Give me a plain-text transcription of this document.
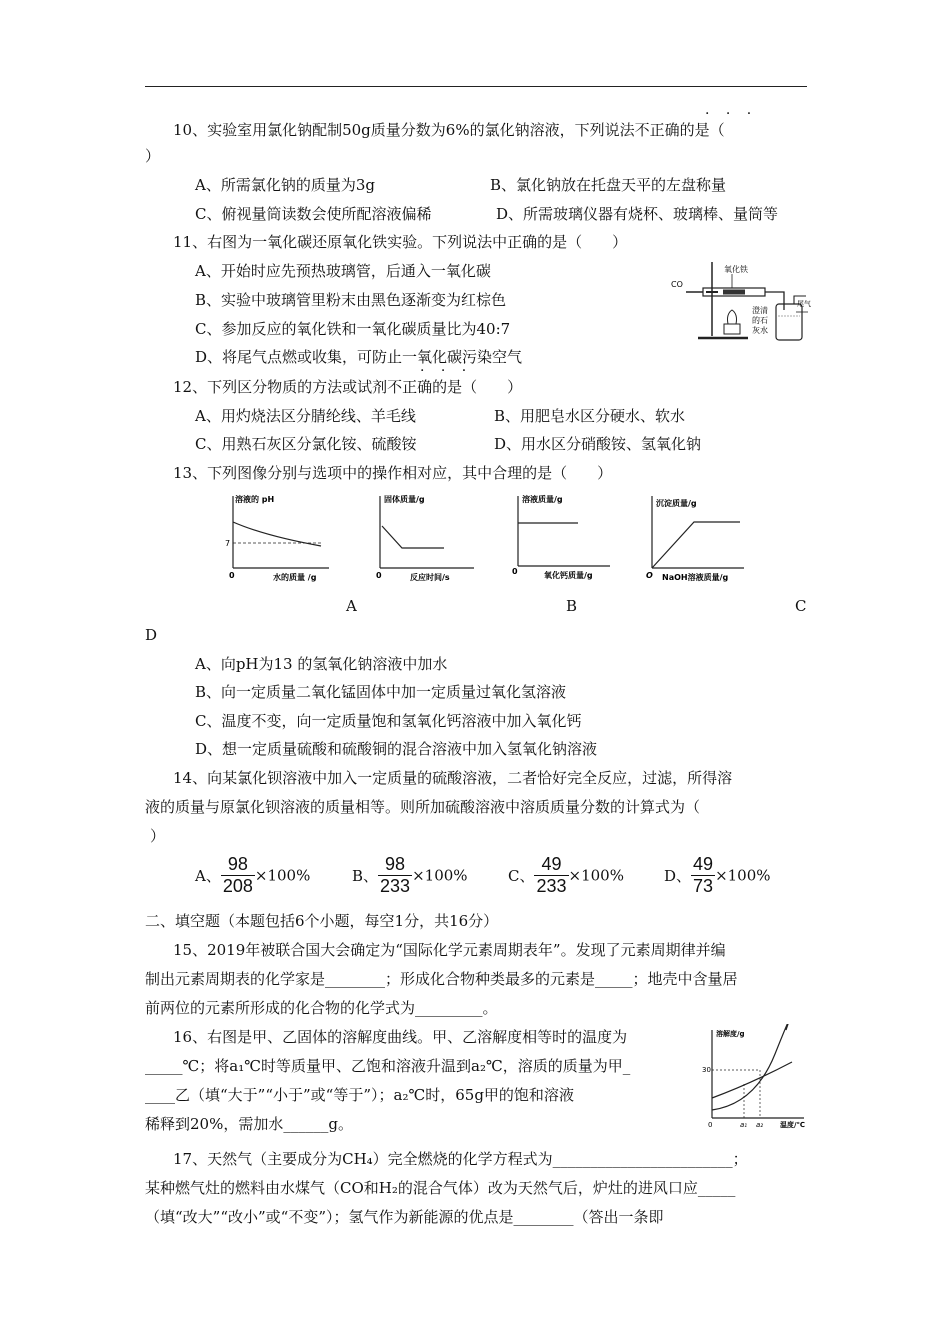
· · ·
10、实验室用氯化钠配制50g质量分数为6%的氯化钠溶液，下列说法不正确的是（
）
A、所需氯化钠的质量为3g	B、氯化钠放在托盘天平的左盘称量
C、俯视量筒读数会使所配溶液偏稀	D、所需玻璃仪器有烧杯、玻璃棒、量筒等
11、右图为一氧化碳还原氧化铁实验。下列说法中正确的是（　　）
A、开始时应先预热玻璃管，后通入一氧化碳
B、实验中玻璃管里粉末由黑色逐渐变为红棕色
C、参加反应的氧化铁和一氧化碳质量比为40:7
D、将尾气点燃或收集，可防止一氧化碳污染空气
CO
氧化铁
澄清
的石
灰水
尾气
· · ·
12、下列区分物质的方法或试剂不正确的是（　　）
A、用灼烧法区分腈纶线、羊毛线	B、用肥皂水区分硬水、软水
C、用熟石灰区分氯化铵、硫酸铵	D、用水区分硝酸铵、氢氧化钠
13、下列图像分别与选项中的操作相对应，其中合理的是（　　）
溶液的 pH
7
0	水的质量 /g
固体质量/g
0	反应时间/s
溶液质量/g
0	氧化钙质量/g
沉淀质量/g
O NaOH溶液质量/g
A	B	C
D
A、向pH为13 的氢氧化钠溶液中加水
B、向一定质量二氧化锰固体中加一定质量过氧化氢溶液
C、温度不变，向一定质量饱和氢氧化钙溶液中加入氧化钙
D、想一定质量硫酸和硫酸铜的混合溶液中加入氢氧化钠溶液
14、向某氯化钡溶液中加入一定质量的硫酸溶液，二者恰好完全反应，过滤，所得溶
液的质量与原氯化钡溶液的质量相等。则所加硫酸溶液中溶质质量分数的计算式为（
）
A、 $\frac{98}{208} \times 100\%$	B、 $\frac{98}{233} \times 100\%$	C、 $\frac{49}{233} \times 100\%$	D、 $\frac{49}{73} \times 100\%$
二、填空题（本题包括6个小题，每空1分，共16分）
15、2019年被联合国大会确定为“国际化学元素周期表年”。发现了元素周期律并编
制出元素周期表的化学家是________；形成化合物种类最多的元素是_____；地壳中含量居
前两位的元素所形成的化合物的化学式为_________。
16、右图是甲、乙固体的溶解度曲线。甲、乙溶解度相等时的温度为
_____℃；将a₁℃时等质量甲、乙饱和溶液升温到a₂℃，溶质的质量为甲_
____乙（填“大于”“小于”或“等于”）；a₂℃时，65g甲的饱和溶液
稀释到20%，需加水______g。
溶解度/g
30
0	a₁ a₂ 温度/℃
17、天然气（主要成分为CH₄）完全燃烧的化学方程式为________________________；
某种燃气灶的燃料由水煤气（CO和H₂的混合气体）改为天然气后，炉灶的进风口应_____
（填“改大”“改小”或“不变”）；氢气作为新能源的优点是________（答出一条即
